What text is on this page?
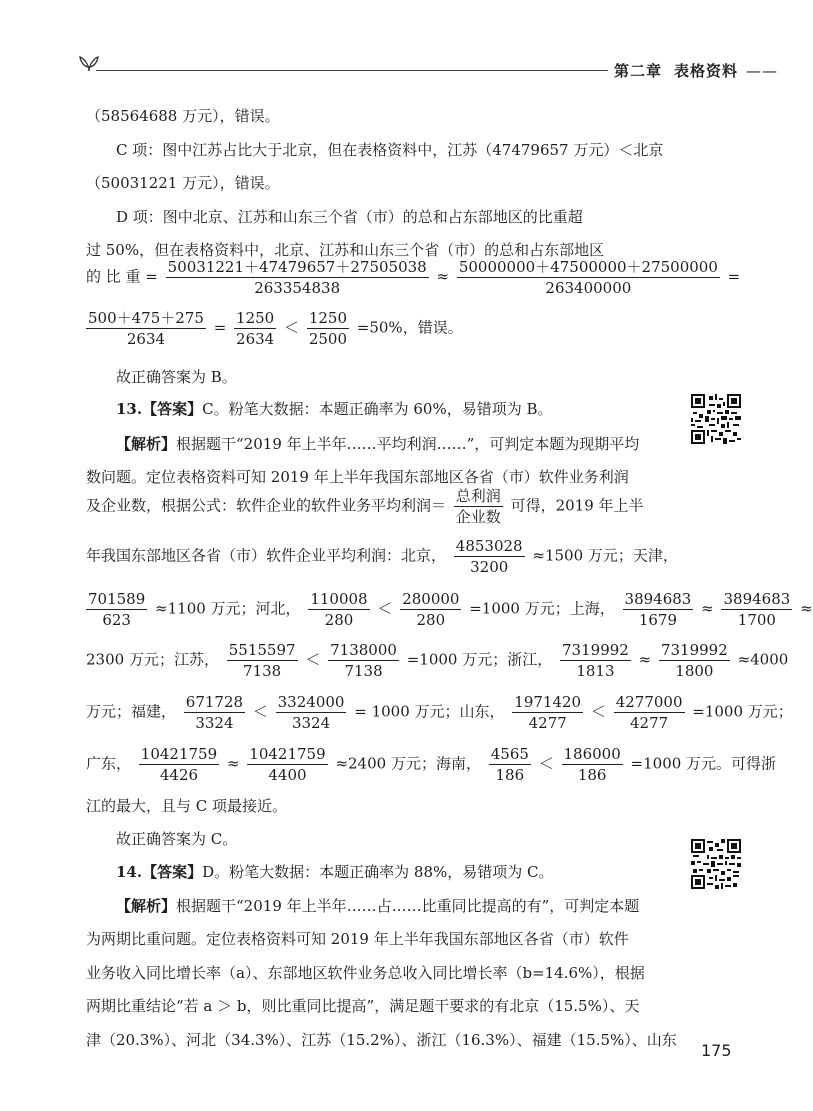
第二章 表格资料 ——
（58564688 万元），错误。
C 项：图中江苏占比大于北京，但在表格资料中，江苏（47479657 万元）＜北京
（50031221 万元），错误。
D 项：图中北京、江苏和山东三个省（市）的总和占东部地区的比重超
过 50%，但在表格资料中，北京、江苏和山东三个省（市）的总和占东部地区
的 比 重 = $\frac{50031221+47479657+27505038}{263354838} \approx \frac{50000000+47500000+27500000}{263400000}$ =
$\frac{500+475+275}{2634} = \frac{1250}{2634} < \frac{1250}{2500} =50\%$，错误。
故正确答案为 B。
13.【答案】C。粉笔大数据：本题正确率为 60%，易错项为 B。
【解析】根据题干“2019 年上半年……平均利润……”，可判定本题为现期平均
数问题。定位表格资料可知 2019 年上半年我国东部地区各省（市）软件业务利润
及企业数，根据公式：软件企业的软件业务平均利润＝ $\frac{\text{总利润}}{\text{企业数}}$ 可得，2019 年上半
年我国东部地区各省（市）软件企业平均利润：北京， $\frac{4853028}{3200} \approx 1500$ 万元；天津，
$\frac{701589}{623} \approx 1100$ 万元；河北， $\frac{110008}{280} < \frac{280000}{280} =1000$ 万元；上海， $\frac{3894683}{1679} \approx \frac{3894683}{1700}$ ≈
2300 万元；江苏， $\frac{5515597}{7138} < \frac{7138000}{7138} =1000$ 万元；浙江， $\frac{7319992}{1813} \approx \frac{7319992}{1800} \approx 4000$
万元；福建， $\frac{671728}{3324} < \frac{3324000}{3324} = 1000$ 万元；山东， $\frac{1971420}{4277} < \frac{4277000}{4277} =1000$ 万元；
广东， $\frac{10421759}{4426} \approx \frac{10421759}{4400} \approx 2400$ 万元；海南， $\frac{4565}{186} < \frac{186000}{186} =1000$ 万元。可得浙
江的最大，且与 C 项最接近。
故正确答案为 C。
14.【答案】D。粉笔大数据：本题正确率为 88%，易错项为 C。
【解析】根据题干“2019 年上半年……占……比重同比提高的有”，可判定本题
为两期比重问题。定位表格资料可知 2019 年上半年我国东部地区各省（市）软件
业务收入同比增长率（a）、东部地区软件业务总收入同比增长率（b=14.6%），根据
两期比重结论“若 a ＞ b，则比重同比提高”，满足题干要求的有北京（15.5%）、天
津（20.3%）、河北（34.3%）、江苏（15.2%）、浙江（16.3%）、福建（15.5%）、山东
175
